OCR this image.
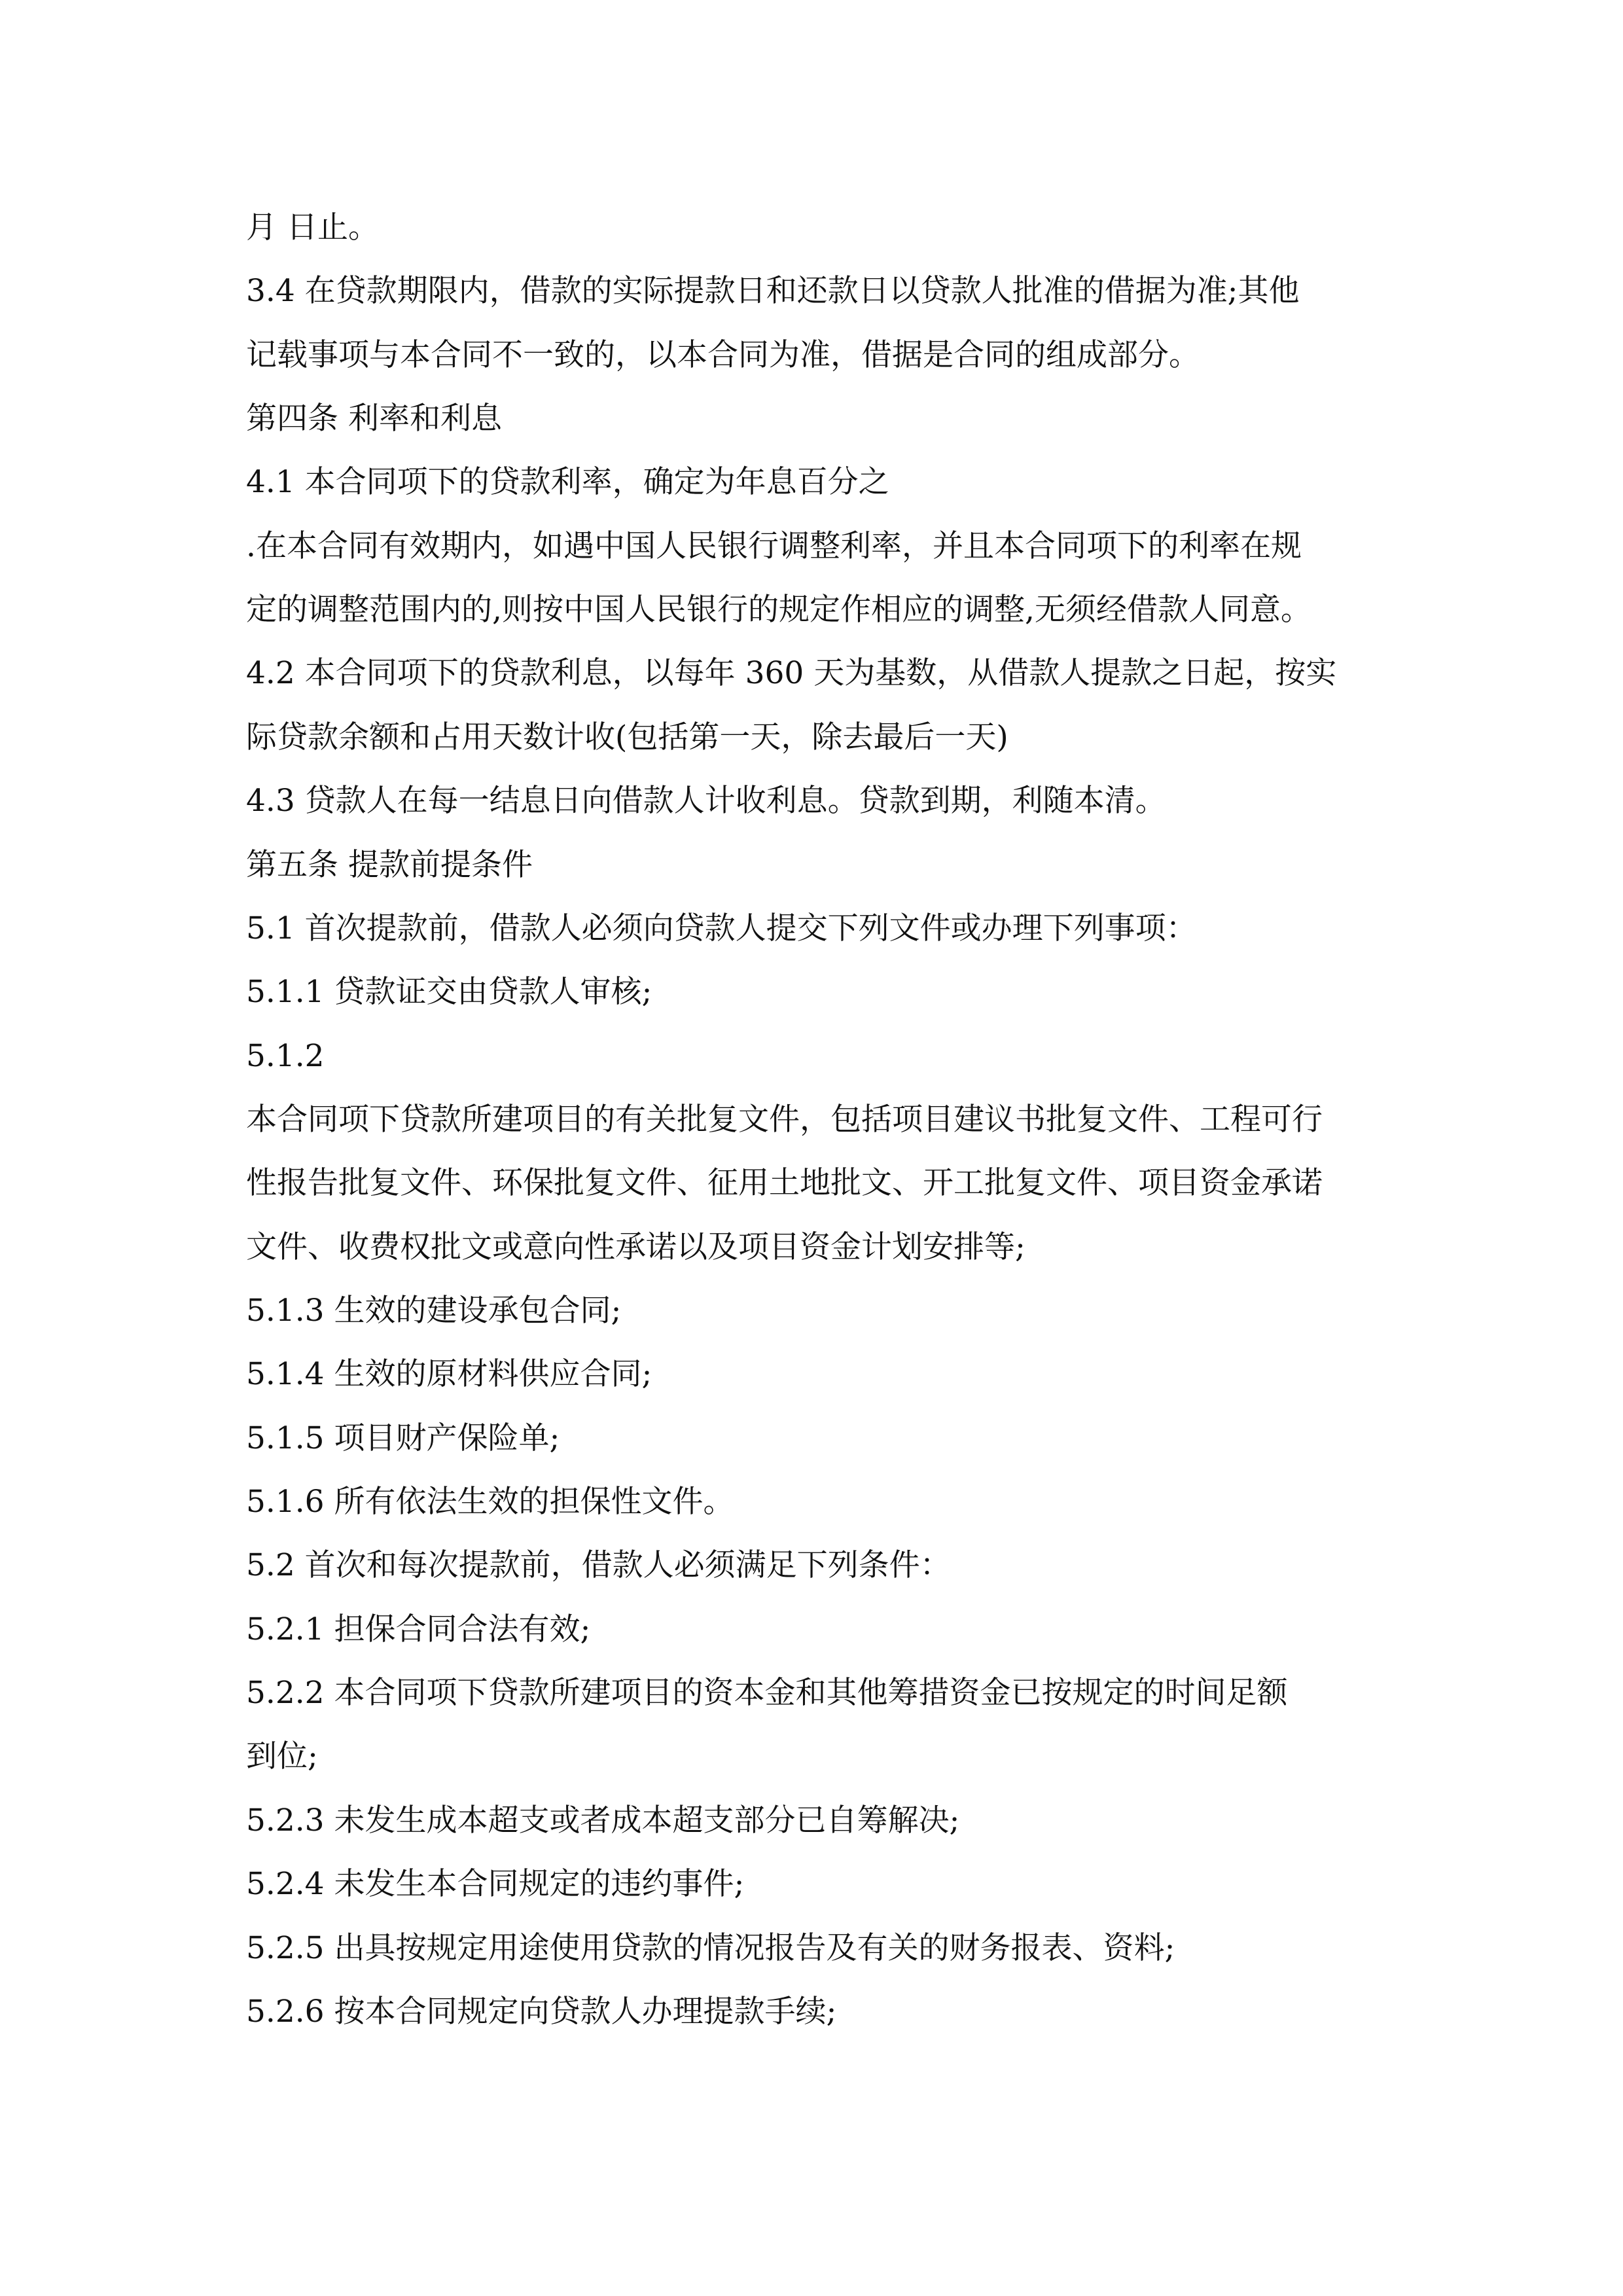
月 日止。

3.4 在贷款期限内，借款的实际提款日和还款日以贷款人批准的借据为准;其他

记载事项与本合同不一致的，以本合同为准，借据是合同的组成部分。

第四条 利率和利息

4.1 本合同项下的贷款利率，确定为年息百分之

.在本合同有效期内，如遇中国人民银行调整利率，并且本合同项下的利率在规

定的调整范围内的,则按中国人民银行的规定作相应的调整,无须经借款人同意。

4.2 本合同项下的贷款利息，以每年 360 天为基数，从借款人提款之日起，按实

际贷款余额和占用天数计收(包括第一天，除去最后一天)

4.3 贷款人在每一结息日向借款人计收利息。贷款到期，利随本清。

第五条 提款前提条件

5.1 首次提款前，借款人必须向贷款人提交下列文件或办理下列事项：

5.1.1 贷款证交由贷款人审核;

5.1.2

本合同项下贷款所建项目的有关批复文件，包括项目建议书批复文件、工程可行

性报告批复文件、环保批复文件、征用土地批文、开工批复文件、项目资金承诺

文件、收费权批文或意向性承诺以及项目资金计划安排等;

5.1.3 生效的建设承包合同;

5.1.4 生效的原材料供应合同;

5.1.5 项目财产保险单;

5.1.6 所有依法生效的担保性文件。

5.2 首次和每次提款前，借款人必须满足下列条件：

5.2.1 担保合同合法有效;

5.2.2 本合同项下贷款所建项目的资本金和其他筹措资金已按规定的时间足额

到位;

5.2.3 未发生成本超支或者成本超支部分已自筹解决;

5.2.4 未发生本合同规定的违约事件;

5.2.5 出具按规定用途使用贷款的情况报告及有关的财务报表、资料;

5.2.6 按本合同规定向贷款人办理提款手续;
